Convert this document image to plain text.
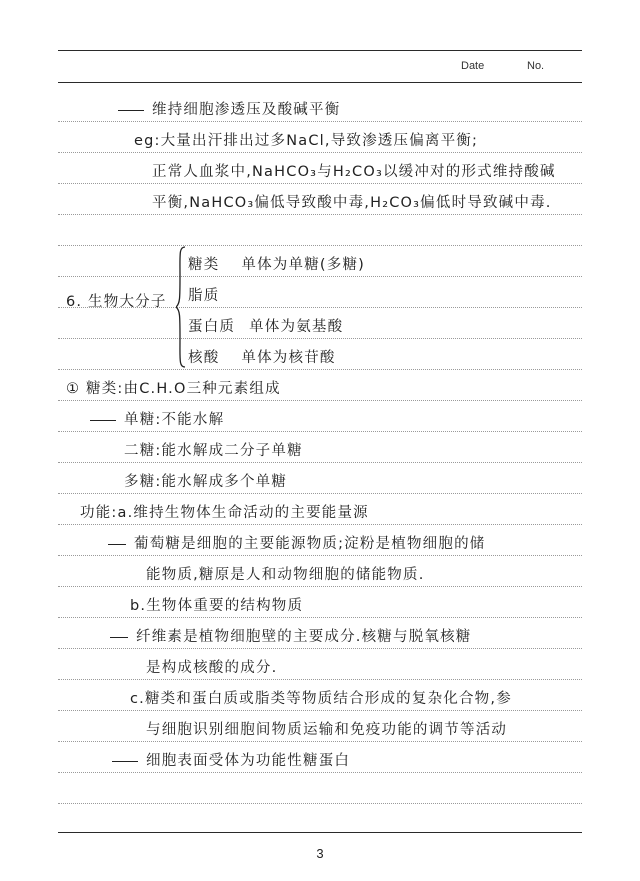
Date	No.
维持细胞渗透压及酸碱平衡
eg:大量出汗排出过多NaCl,导致渗透压偏离平衡;
正常人血浆中,NaHCO₃与H₂CO₃以缓冲对的形式维持酸碱
平衡,NaHCO₃偏低导致酸中毒,H₂CO₃偏低时导致碱中毒.
6. 生物大分子
糖类 单体为单糖(多糖)
脂质
蛋白质 单体为氨基酸
核酸 单体为核苷酸
① 糖类:由C.H.O三种元素组成
单糖:不能水解
二糖:能水解成二分子单糖
多糖:能水解成多个单糖
功能:a.维持生物体生命活动的主要能量源
葡萄糖是细胞的主要能源物质;淀粉是植物细胞的储
能物质,糖原是人和动物细胞的储能物质.
b.生物体重要的结构物质
纤维素是植物细胞壁的主要成分.核糖与脱氧核糖
是构成核酸的成分.
c.糖类和蛋白质或脂类等物质结合形成的复杂化合物,参
与细胞识别细胞间物质运输和免疫功能的调节等活动
细胞表面受体为功能性糖蛋白
3
